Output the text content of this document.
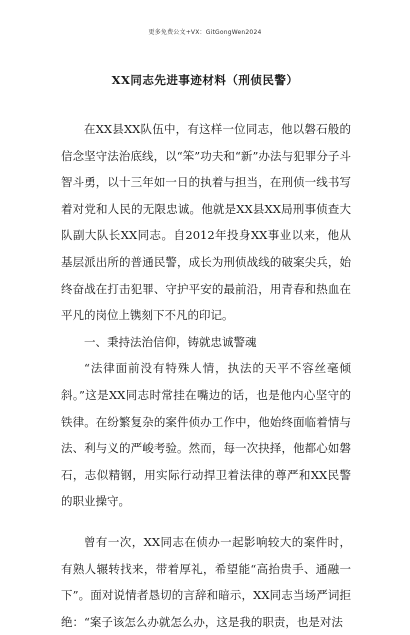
更多免费公文+VX：GitGongWen2024
XX同志先进事迹材料（刑侦民警）

在XX县XX队伍中，有这样一位同志，他以磐石般的信念坚守法治底线，以“笨”功夫和“新”办法与犯罪分子斗智斗勇，以十三年如一日的执着与担当，在刑侦一线书写着对党和人民的无限忠诚。他就是XX县XX局刑事侦查大队副大队长XX同志。自2012年投身XX事业以来，他从基层派出所的普通民警，成长为刑侦战线的破案尖兵，始终奋战在打击犯罪、守护平安的最前沿，用青春和热血在平凡的岗位上镌刻下不凡的印记。

一、秉持法治信仰，铸就忠诚警魂

“法律面前没有特殊人情，执法的天平不容丝毫倾斜。”这是XX同志时常挂在嘴边的话，也是他内心坚守的铁律。在纷繁复杂的案件侦办工作中，他始终面临着情与法、利与义的严峻考验。然而，每一次抉择，他都心如磐石，志似精钢，用实际行动捍卫着法律的尊严和XX民警的职业操守。

曾有一次，XX同志在侦办一起影响较大的案件时，有熟人辗转找来，带着厚礼，希望能“高抬贵手、通融一下”。面对说情者恳切的言辞和暗示，XX同志当场严词拒绝：“案子该怎么办就怎么办，这是我的职责，也是对法
